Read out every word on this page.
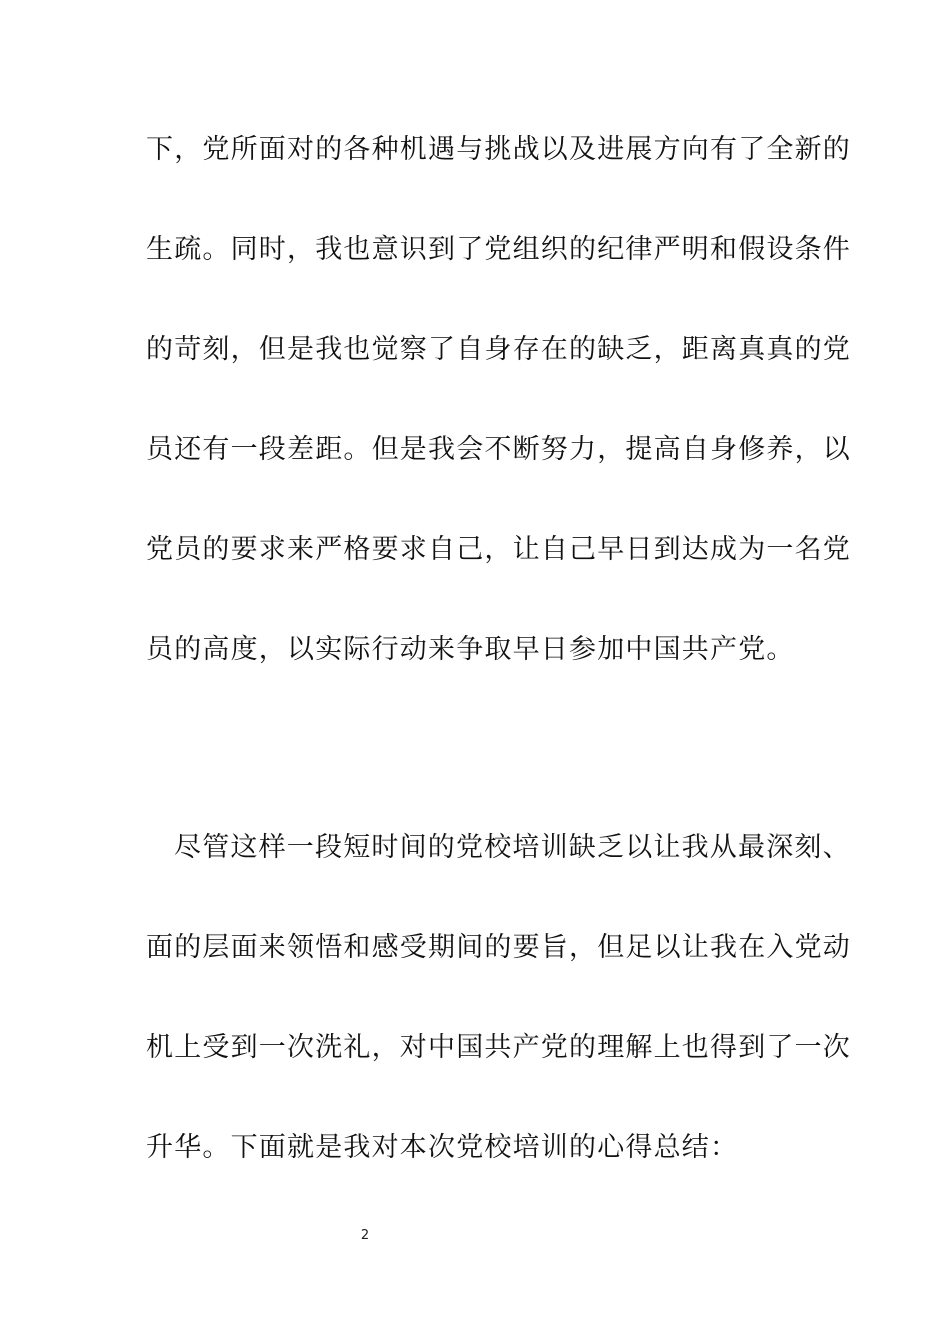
下，党所面对的各种机遇与挑战以及进展方向有了全新的
生疏。同时，我也意识到了党组织的纪律严明和假设条件
的苛刻，但是我也觉察了自身存在的缺乏，距离真真的党
员还有一段差距。但是我会不断努力，提高自身修养，以
党员的要求来严格要求自己，让自己早日到达成为一名党
员的高度，以实际行动来争取早日参加中国共产党。
尽管这样一段短时间的党校培训缺乏以让我从最深刻、
面的层面来领悟和感受期间的要旨，但足以让我在入党动
机上受到一次洗礼，对中国共产党的理解上也得到了一次
升华。下面就是我对本次党校培训的心得总结：
2
